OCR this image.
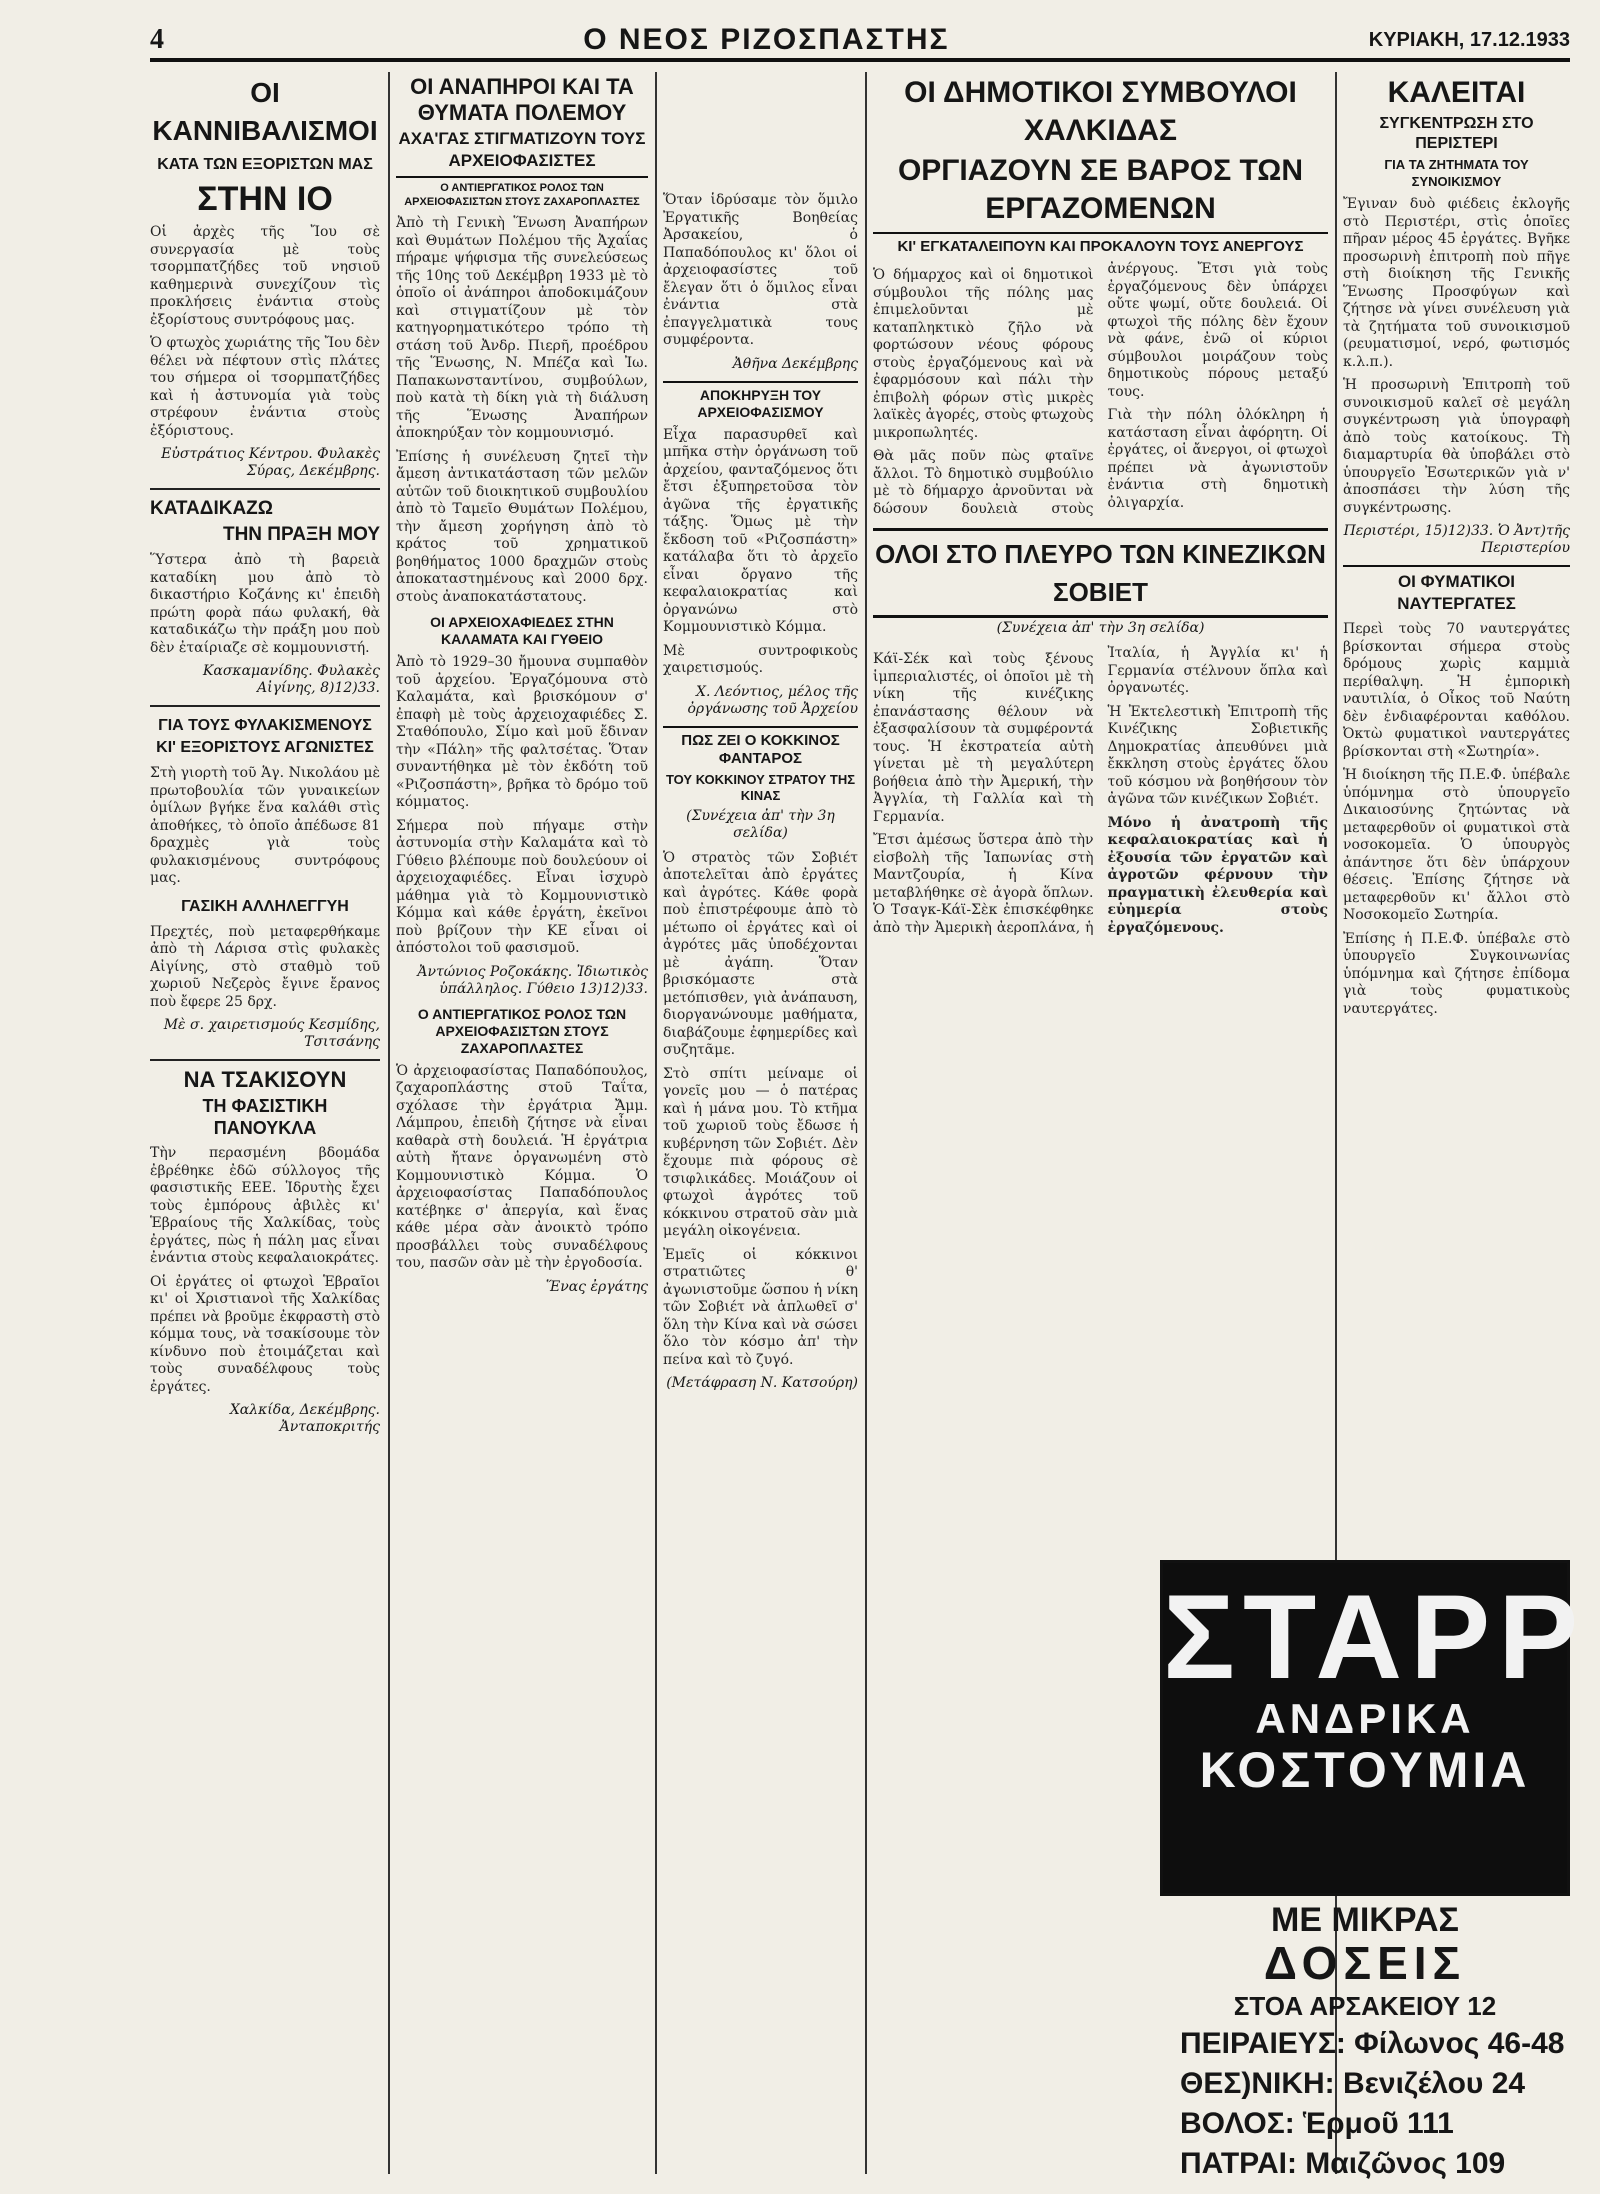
4	Ο ΝΕΟΣ ΡΙΖΟΣΠΑΣΤΗΣ	ΚΥΡΙΑΚΗ, 17.12.1933
ΟΙ ΚΑΝΝΙΒΑΛΙΣΜΟΙ
ΚΑΤΑ ΤΩΝ ΕΞΟΡΙΣΤΩΝ ΜΑΣ
ΣΤΗΝ ΙΟ

Οἱ ἀρχὲς τῆς Ἴου σὲ συνεργασία μὲ τοὺς τσορμπατζήδες τοῦ νησιοῦ καθημερινὰ συνεχίζουν τὶς προκλήσεις ἐνάντια στοὺς ἐξορίστους συντρόφους μας.

Ὁ φτωχὸς χωριάτης τῆς Ἴου δὲν θέλει νὰ πέφτουν στὶς πλάτες του σήμερα οἱ τσορμπατζήδες καὶ ἡ ἀστυνομία γιὰ τοὺς στρέφουν ἐνάντια στοὺς ἐξόριστους.

Εὐστράτιος Κέντρου. Φυλακὲς Σύρας, Δεκέμβρης.

ΚΑΤΑΔΙΚΑΖΩ
ΤΗΝ ΠΡΑΞΗ ΜΟΥ

Ὕστερα ἀπὸ τὴ βαρειὰ καταδίκη μου ἀπὸ τὸ δικαστήριο Κοζάνης κι' ἐπειδὴ πρώτη φορὰ πάω φυλακή, θὰ καταδικάζω τὴν πράξη μου ποὺ δὲν ἐταίριαζε σὲ κομμουνιστή.

Κασκαμανίδης. Φυλακὲς Αἰγίνης, 8)12)33.

ΓΙΑ ΤΟΥΣ ΦΥΛΑΚΙΣΜΕΝΟΥΣ ΚΙ' ΕΞΟΡΙΣΤΟΥΣ ΑΓΩΝΙΣΤΕΣ

Στὴ γιορτὴ τοῦ Ἁγ. Νικολάου μὲ πρωτοβουλία τῶν γυναικείων ὁμίλων βγήκε ἕνα καλάθι στὶς ἀποθήκες, τὸ ὁποῖο ἀπέδωσε 81 δραχμὲς γιὰ τοὺς φυλακισμένους συντρόφους μας.

ΓΑΣΙΚΗ ΑΛΛΗΛΕΓΓΥΗ

Πρεχτές, ποὺ μεταφερθήκαμε ἀπὸ τὴ Λάρισα στὶς φυλακὲς Αἰγίνης, στὸ σταθμὸ τοῦ χωριοῦ Νεζερὸς ἔγινε ἔρανος ποὺ ἔφερε 25 δρχ.

Μὲ σ. χαιρετισμούς Κεσμίδης, Τσιτσάνης

ΝΑ ΤΣΑΚΙΣΟΥΝ
ΤΗ ΦΑΣΙΣΤΙΚΗ ΠΑΝΟΥΚΛΑ

Τὴν περασμένη βδομάδα ἐβρέθηκε ἐδῶ σύλλογος τῆς φασιστικῆς ΕΕΕ. Ἱδρυτὴς ἔχει τοὺς ἐμπόρους ἀβιλὲς κι' Ἑβραίους τῆς Χαλκίδας, τοὺς ἐργάτες, πὼς ἡ πάλη μας εἶναι ἐνάντια στοὺς κεφαλαιοκράτες.

Οἱ ἐργάτες οἱ φτωχοὶ Ἑβραῖοι κι' οἱ Χριστιανοὶ τῆς Χαλκίδας πρέπει νὰ βροῦμε ἐκφραστὴ στὸ κόμμα τους, νὰ τσακίσουμε τὸν κίνδυνο ποὺ ἐτοιμάζεται καὶ τοὺς συναδέλφους τοὺς ἐργάτες.

Χαλκίδα, Δεκέμβρης. Ἀνταποκριτής

ΟΙ ΑΝΑΠΗΡΟΙ ΚΑΙ ΤΑ ΘΥΜΑΤΑ ΠΟΛΕΜΟΥ
ΑΧΑ'ΓΑΣ ΣΤΙΓΜΑΤΙΖΟΥΝ ΤΟΥΣ ΑΡΧΕΙΟΦΑΣΙΣΤΕΣ
Ο ΑΝΤΙΕΡΓΑΤΙΚΟΣ ΡΟΛΟΣ ΤΩΝ ΑΡΧΕΙΟΦΑΣΙΣΤΩΝ ΣΤΟΥΣ ΖΑΧΑΡΟΠΛΑΣΤΕΣ

Ἀπὸ τὴ Γενικὴ Ἕνωση Ἀναπήρων καὶ Θυμάτων Πολέμου τῆς Ἀχαΐας πήραμε ψήφισμα τῆς συνελεύσεως τῆς 10ης τοῦ Δεκέμβρη 1933 μὲ τὸ ὁποῖο οἱ ἀνάπηροι ἀποδοκιμάζουν καὶ στιγματίζουν μὲ τὸν κατηγορηματικότερο τρόπο τὴ στάση τοῦ Ἀνδρ. Πιερῆ, προέδρου τῆς Ἕνωσης, Ν. Μπέζα καὶ Ἰω. Παπακωνσταντίνου, συμβούλων, ποὺ κατὰ τὴ δίκη γιὰ τὴ διάλυση τῆς Ἕνωσης Ἀναπήρων ἀποκηρύξαν τὸν κομμουνισμό.

Ἐπίσης ἡ συνέλευση ζητεῖ τὴν ἄμεση ἀντικατάσταση τῶν μελῶν αὐτῶν τοῦ διοικητικοῦ συμβουλίου ἀπὸ τὸ Ταμεῖο Θυμάτων Πολέμου, τὴν ἄμεση χορήγηση ἀπὸ τὸ κράτος τοῦ χρηματικοῦ βοηθήματος 1000 δραχμῶν στοὺς ἀποκαταστημένους καὶ 2000 δρχ. στοὺς ἀναποκατάστατους.

ΟΙ ΑΡΧΕΙΟΧΑΦΙΕΔΕΣ ΣΤΗΝ ΚΑΛΑΜΑΤΑ ΚΑΙ ΓΥΘΕΙΟ

Ἀπὸ τὸ 1929–30 ἤμουνα συμπαθὸν τοῦ ἀρχείου. Ἐργαζόμουνα στὸ Καλαμάτα, καὶ βρισκόμουν σ' ἐπαφὴ μὲ τοὺς ἀρχειοχαφιέδες Σ. Σταθόπουλο, Σίμο καὶ μοῦ ἔδιναν τὴν «Πάλη» τῆς φαλτσέτας. Ὅταν συναντήθηκα μὲ τὸν ἐκδότη τοῦ «Ριζοσπάστη», βρῆκα τὸ δρόμο τοῦ κόμματος.

Σήμερα ποὺ πήγαμε στὴν ἀστυνομία στὴν Καλαμάτα καὶ τὸ Γύθειο βλέπουμε ποὺ δουλεύουν οἱ ἀρχειοχαφιέδες. Εἶναι ἰσχυρὸ μάθημα γιὰ τὸ Κομμουνιστικὸ Κόμμα καὶ κάθε ἐργάτη, ἐκεῖνοι ποὺ βρίζουν τὴν ΚΕ εἶναι οἱ ἀπόστολοι τοῦ φασισμοῦ.

Ἀντώνιος Ροζοκάκης. Ἰδιωτικὸς ὑπάλληλος. Γύθειο 13)12)33.

Ο ΑΝΤΙΕΡΓΑΤΙΚΟΣ ΡΟΛΟΣ ΤΩΝ ΑΡΧΕΙΟΦΑΣΙΣΤΩΝ ΣΤΟΥΣ ΖΑΧΑΡΟΠΛΑΣΤΕΣ

Ὁ ἀρχειοφασίστας Παπαδόπουλος, ζαχαροπλάστης στοῦ Ταΐτα, σχόλασε τὴν ἐργάτρια Ἄμμ. Λάμπρου, ἐπειδὴ ζήτησε νὰ εἶναι καθαρὰ στὴ δουλειά. Ἡ ἐργάτρια αὐτὴ ἤτανε ὀργανωμένη στὸ Κομμουνιστικὸ Κόμμα. Ὁ ἀρχειοφασίστας Παπαδόπουλος κατέβηκε σ' ἀπεργία, καὶ ἕνας κάθε μέρα σὰν ἀνοικτὸ τρόπο προσβάλλει τοὺς συναδέλφους του, πασῶν σὰν μὲ τὴν ἐργοδοσία.

Ἕνας ἐργάτης

Ὅταν ἱδρύσαμε τὸν ὅμιλο Ἐργατικῆς Βοηθείας Ἀρσακείου, ὁ Παπαδόπουλος κι' ὅλοι οἱ ἀρχειοφασίστες τοῦ ἔλεγαν ὅτι ὁ ὅμιλος εἶναι ἐνάντια στὰ ἐπαγγελματικὰ τους συμφέροντα.

Ἀθῆνα Δεκέμβρης

ΑΠΟΚΗΡΥΞΗ ΤΟΥ ΑΡΧΕΙΟΦΑΣΙΣΜΟΥ

Εἶχα παρασυρθεῖ καὶ μπῆκα στὴν ὀργάνωση τοῦ ἀρχείου, φανταζόμενος ὅτι ἔτσι ἐξυπηρετοῦσα τὸν ἀγῶνα τῆς ἐργατικῆς τάξης. Ὅμως μὲ τὴν ἔκδοση τοῦ «Ριζοσπάστη» κατάλαβα ὅτι τὸ ἀρχεῖο εἶναι ὄργανο τῆς κεφαλαιοκρατίας καὶ ὀργανώνω στὸ Κομμουνιστικὸ Κόμμα.

Μὲ συντροφικοὺς χαιρετισμούς.

Χ. Λεόντιος, μέλος τῆς ὀργάνωσης τοῦ Ἀρχείου

ΠΩΣ ΖΕΙ Ο ΚΟΚΚΙΝΟΣ ΦΑΝΤΑΡΟΣ
ΤΟΥ ΚΟΚΚΙΝΟΥ ΣΤΡΑΤΟΥ ΤΗΣ ΚΙΝΑΣ

(Συνέχεια ἀπ' τὴν 3η σελίδα)

Ὁ στρατὸς τῶν Σοβιέτ ἀποτελεῖται ἀπὸ ἐργάτες καὶ ἀγρότες. Κάθε φορὰ ποὺ ἐπιστρέφουμε ἀπὸ τὸ μέτωπο οἱ ἐργάτες καὶ οἱ ἀγρότες μᾶς ὑποδέχονται μὲ ἀγάπη. Ὅταν βρισκόμαστε στὰ μετόπισθεν, γιὰ ἀνάπαυση, διοργανώνουμε μαθήματα, διαβάζουμε ἐφημερίδες καὶ συζητᾶμε.

Στὸ σπίτι μείναμε οἱ γονεῖς μου — ὁ πατέρας καὶ ἡ μάνα μου. Τὸ κτῆμα τοῦ χωριοῦ τοὺς ἔδωσε ἡ κυβέρνηση τῶν Σοβιέτ. Δὲν ἔχουμε πιὰ φόρους σὲ τσιφλικάδες. Μοιάζουν οἱ φτωχοὶ ἀγρότες τοῦ κόκκινου στρατοῦ σὰν μιὰ μεγάλη οἰκογένεια.

Ἐμεῖς οἱ κόκκινοι στρατιῶτες θ' ἀγωνιστοῦμε ὥσπου ἡ νίκη τῶν Σοβιέτ νὰ ἁπλωθεῖ σ' ὅλη τὴν Κίνα καὶ νὰ σώσει ὅλο τὸν κόσμο ἀπ' τὴν πείνα καὶ τὸ ζυγό.

(Μετάφραση Ν. Κατσούρη)

ΟΙ ΔΗΜΟΤΙΚΟΙ ΣΥΜΒΟΥΛΟΙ ΧΑΛΚΙΔΑΣ
ΟΡΓΙΑΖΟΥΝ ΣΕ ΒΑΡΟΣ ΤΩΝ ΕΡΓΑΖΟΜΕΝΩΝ
ΚΙ' ΕΓΚΑΤΑΛΕΙΠΟΥΝ ΚΑΙ ΠΡΟΚΑΛΟΥΝ ΤΟΥΣ ΑΝΕΡΓΟΥΣ

Ὁ δήμαρχος καὶ οἱ δημοτικοὶ σύμβουλοι τῆς πόλης μας ἐπιμελοῦνται μὲ καταπληκτικὸ ζῆλο νὰ φορτώσουν νέους φόρους στοὺς ἐργαζόμενους καὶ νὰ ἐφαρμόσουν καὶ πάλι τὴν ἐπιβολὴ φόρων στὶς μικρὲς λαϊκὲς ἀγορές, στοὺς φτωχοὺς μικροπωλητές.

Θὰ μᾶς ποῦν πὼς φταῖνε ἄλλοι. Τὸ δημοτικὸ συμβούλιο μὲ τὸ δήμαρχο ἀρνοῦνται νὰ δώσουν δουλειὰ στοὺς ἀνέργους. Ἔτσι γιὰ τοὺς ἐργαζόμενους δὲν ὑπάρχει οὔτε ψωμί, οὔτε δουλειά. Οἱ φτωχοὶ τῆς πόλης δὲν ἔχουν νὰ φάνε, ἐνῶ οἱ κύριοι σύμβουλοι μοιράζουν τοὺς δημοτικοὺς πόρους μεταξύ τους.

Γιὰ τὴν πόλη ὁλόκληρη ἡ κατάσταση εἶναι ἀφόρητη. Οἱ ἐργάτες, οἱ ἄνεργοι, οἱ φτωχοὶ πρέπει νὰ ἀγωνιστοῦν ἐνάντια στὴ δημοτικὴ ὀλιγαρχία.

ΟΛΟΙ ΣΤΟ ΠΛΕΥΡΟ ΤΩΝ ΚΙΝΕΖΙΚΩΝ ΣΟΒΙΕΤ

(Συνέχεια ἀπ' τὴν 3η σελίδα)

Κάϊ-Σέκ καὶ τοὺς ξένους ἱμπεριαλιστές, οἱ ὁποῖοι μὲ τὴ νίκη τῆς κινέζικης ἐπανάστασης θέλουν νὰ ἐξασφαλίσουν τὰ συμφέροντά τους. Ἡ ἐκστρατεία αὐτὴ γίνεται μὲ τὴ μεγαλύτερη βοήθεια ἀπὸ τὴν Ἀμερική, τὴν Ἀγγλία, τὴ Γαλλία καὶ τὴ Γερμανία.

Ἔτσι ἀμέσως ὕστερα ἀπὸ τὴν εἰσβολὴ τῆς Ἰαπωνίας στὴ Μαντζουρία, ἡ Κίνα μεταβλήθηκε σὲ ἀγορὰ ὅπλων. Ὁ Τσαγκ-Κάϊ-Σὲκ ἐπισκέφθηκε ἀπὸ τὴν Ἀμερικὴ ἀεροπλάνα, ἡ Ἰταλία, ἡ Ἀγγλία κι' ἡ Γερμανία στέλνουν ὅπλα καὶ ὀργανωτές.

Ἡ Ἐκτελεστικὴ Ἐπιτροπὴ τῆς Κινέζικης Σοβιετικῆς Δημοκρατίας ἀπευθύνει μιὰ ἔκκληση στοὺς ἐργάτες ὅλου τοῦ κόσμου νὰ βοηθήσουν τὸν ἀγῶνα τῶν κινέζικων Σοβιέτ.

Μόνο ἡ ἀνατροπὴ τῆς κεφαλαιοκρατίας καὶ ἡ ἐξουσία τῶν ἐργατῶν καὶ ἀγροτῶν φέρνουν τὴν πραγματικὴ ἐλευθερία καὶ εὐημερία στοὺς ἐργαζόμενους.

ΚΑΛΕΙΤΑΙ
ΣΥΓΚΕΝΤΡΩΣΗ ΣΤΟ ΠΕΡΙΣΤΕΡΙ
ΓΙΑ ΤΑ ΖΗΤΗΜΑΤΑ ΤΟΥ ΣΥΝΟΙΚΙΣΜΟΥ

Ἔγιναν δυὸ φιέδεις ἐκλογῆς στὸ Περιστέρι, στὶς ὁποῖες πῆραν μέρος 45 ἐργάτες. Βγῆκε προσωρινὴ ἐπιτροπὴ ποὺ πῆγε στὴ διοίκηση τῆς Γενικῆς Ἕνωσης Προσφύγων καὶ ζήτησε νὰ γίνει συνέλευση γιὰ τὰ ζητήματα τοῦ συνοικισμοῦ (ρευματισμοί, νερό, φωτισμός κ.λ.π.).

Ἡ προσωρινὴ Ἐπιτροπὴ τοῦ συνοικισμοῦ καλεῖ σὲ μεγάλη συγκέντρωση γιὰ ὑπογραφὴ ἀπὸ τοὺς κατοίκους. Τὴ διαμαρτυρία θὰ ὑποβάλει στὸ ὑπουργεῖο Ἐσωτερικῶν γιὰ ν' ἀποσπάσει τὴν λύση τῆς συγκέντρωσης.

Περιστέρι, 15)12)33. Ὁ Ἀντ)τῆς Περιστερίου

ΟΙ ΦΥΜΑΤΙΚΟΙ ΝΑΥΤΕΡΓΑΤΕΣ

Περεὶ τοὺς 70 ναυτεργάτες βρίσκονται σήμερα στοὺς δρόμους χωρὶς καμμιὰ περίθαλψη. Ἡ ἐμπορικὴ ναυτιλία, ὁ Οἶκος τοῦ Ναύτη δὲν ἐνδιαφέρονται καθόλου. Ὀκτὼ φυματικοὶ ναυτεργάτες βρίσκονται στὴ «Σωτηρία».

Ἡ διοίκηση τῆς Π.Ε.Φ. ὑπέβαλε ὑπόμνημα στὸ ὑπουργεῖο Δικαιοσύνης ζητώντας νὰ μεταφερθοῦν οἱ φυματικοὶ στὰ νοσοκομεῖα. Ὁ ὑπουργὸς ἀπάντησε ὅτι δὲν ὑπάρχουν θέσεις. Ἐπίσης ζήτησε νὰ μεταφερθοῦν κι' ἄλλοι στὸ Νοσοκομεῖο Σωτηρία.

Ἐπίσης ἡ Π.Ε.Φ. ὑπέβαλε στὸ ὑπουργεῖο Συγκοινωνίας ὑπόμνημα καὶ ζήτησε ἐπίδομα γιὰ τοὺς φυματικοὺς ναυτεργάτες.

ΣΤΑΡΡ
ΑΝΔΡΙΚΑ
ΚΟΣΤΟΥΜΙΑ
ΜΕ ΜΙΚΡΑΣ
ΔΟΣΕΙΣ
ΣΤΟΑ ΑΡΣΑΚΕΙΟΥ 12
ΠΕΙΡΑΙΕΥΣ: Φίλωνος 46-48
ΘΕΣ)ΝΙΚΗ: Βενιζέλου 24
ΒΟΛΟΣ: Ἑρμοῦ 111
ΠΑΤΡΑΙ: Μαιζῶνος 109
